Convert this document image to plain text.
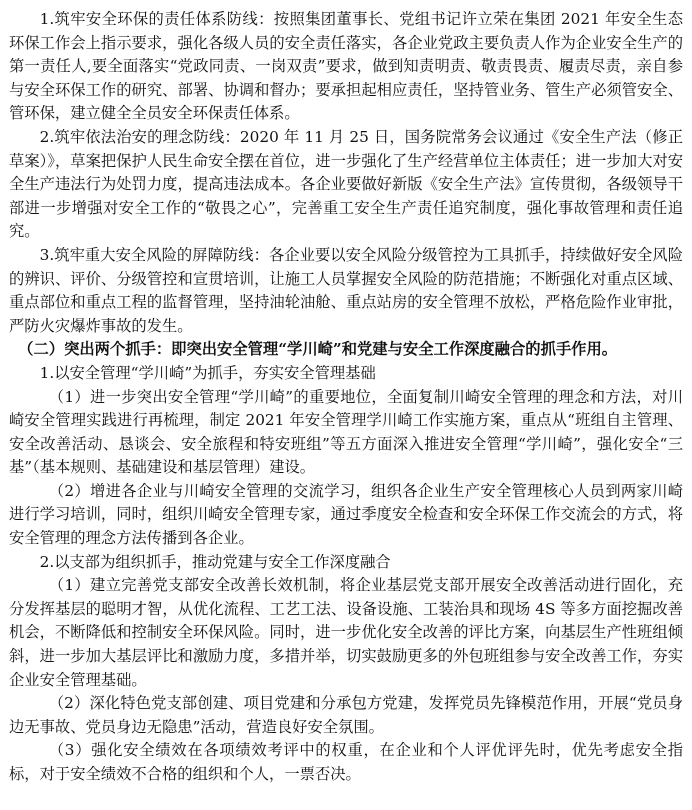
1.筑牢安全环保的责任体系防线：按照集团董事长、党组书记许立荣在集团 2021 年安全生态环保工作会上指示要求，强化各级人员的安全责任落实，各企业党政主要负责人作为企业安全生产的第一责任人,要全面落实“党政同责、一岗双责”要求，做到知责明责、敬责畏责、履责尽责，亲自参与安全环保工作的研究、部署、协调和督办；要承担起相应责任，坚持管业务、管生产必须管安全、管环保，建立健全全员安全环保责任体系。

2.筑牢依法治安的理念防线：2020 年 11 月 25 日，国务院常务会议通过《安全生产法（修正草案）》，草案把保护人民生命安全摆在首位，进一步强化了生产经营单位主体责任；进一步加大对安全生产违法行为处罚力度，提高违法成本。各企业要做好新版《安全生产法》宣传贯彻，各级领导干部进一步增强对安全工作的“敬畏之心”，完善重工安全生产责任追究制度，强化事故管理和责任追究。

3.筑牢重大安全风险的屏障防线：各企业要以安全风险分级管控为工具抓手，持续做好安全风险的辨识、评价、分级管控和宣贯培训，让施工人员掌握安全风险的防范措施；不断强化对重点区域、重点部位和重点工程的监督管理，坚持油轮油舱、重点站房的安全管理不放松，严格危险作业审批，严防火灾爆炸事故的发生。

（二）突出两个抓手：即突出安全管理“学川崎”和党建与安全工作深度融合的抓手作用。

1.以安全管理“学川崎”为抓手，夯实安全管理基础

（1）进一步突出安全管理“学川崎”的重要地位，全面复制川崎安全管理的理念和方法，对川崎安全管理实践进行再梳理，制定 2021 年安全管理学川崎工作实施方案，重点从“班组自主管理、安全改善活动、恳谈会、安全旅程和特安班组”等五方面深入推进安全管理“学川崎”，强化安全“三基”（基本规则、基础建设和基层管理）建设。

（2）增进各企业与川崎安全管理的交流学习，组织各企业生产安全管理核心人员到两家川崎进行学习培训，同时，组织川崎安全管理专家，通过季度安全检查和安全环保工作交流会的方式，将安全管理的理念方法传播到各企业。

2.以支部为组织抓手，推动党建与安全工作深度融合

（1）建立完善党支部安全改善长效机制，将企业基层党支部开展安全改善活动进行固化，充分发挥基层的聪明才智，从优化流程、工艺工法、设备设施、工装治具和现场 4S 等多方面挖掘改善机会，不断降低和控制安全环保风险。同时，进一步优化安全改善的评比方案，向基层生产性班组倾斜，进一步加大基层评比和激励力度，多措并举，切实鼓励更多的外包班组参与安全改善工作，夯实企业安全管理基础。

（2）深化特色党支部创建、项目党建和分承包方党建，发挥党员先锋模范作用，开展“党员身边无事故、党员身边无隐患”活动，营造良好安全氛围。

（3）强化安全绩效在各项绩效考评中的权重，在企业和个人评优评先时，优先考虑安全指标，对于安全绩效不合格的组织和个人，一票否决。
